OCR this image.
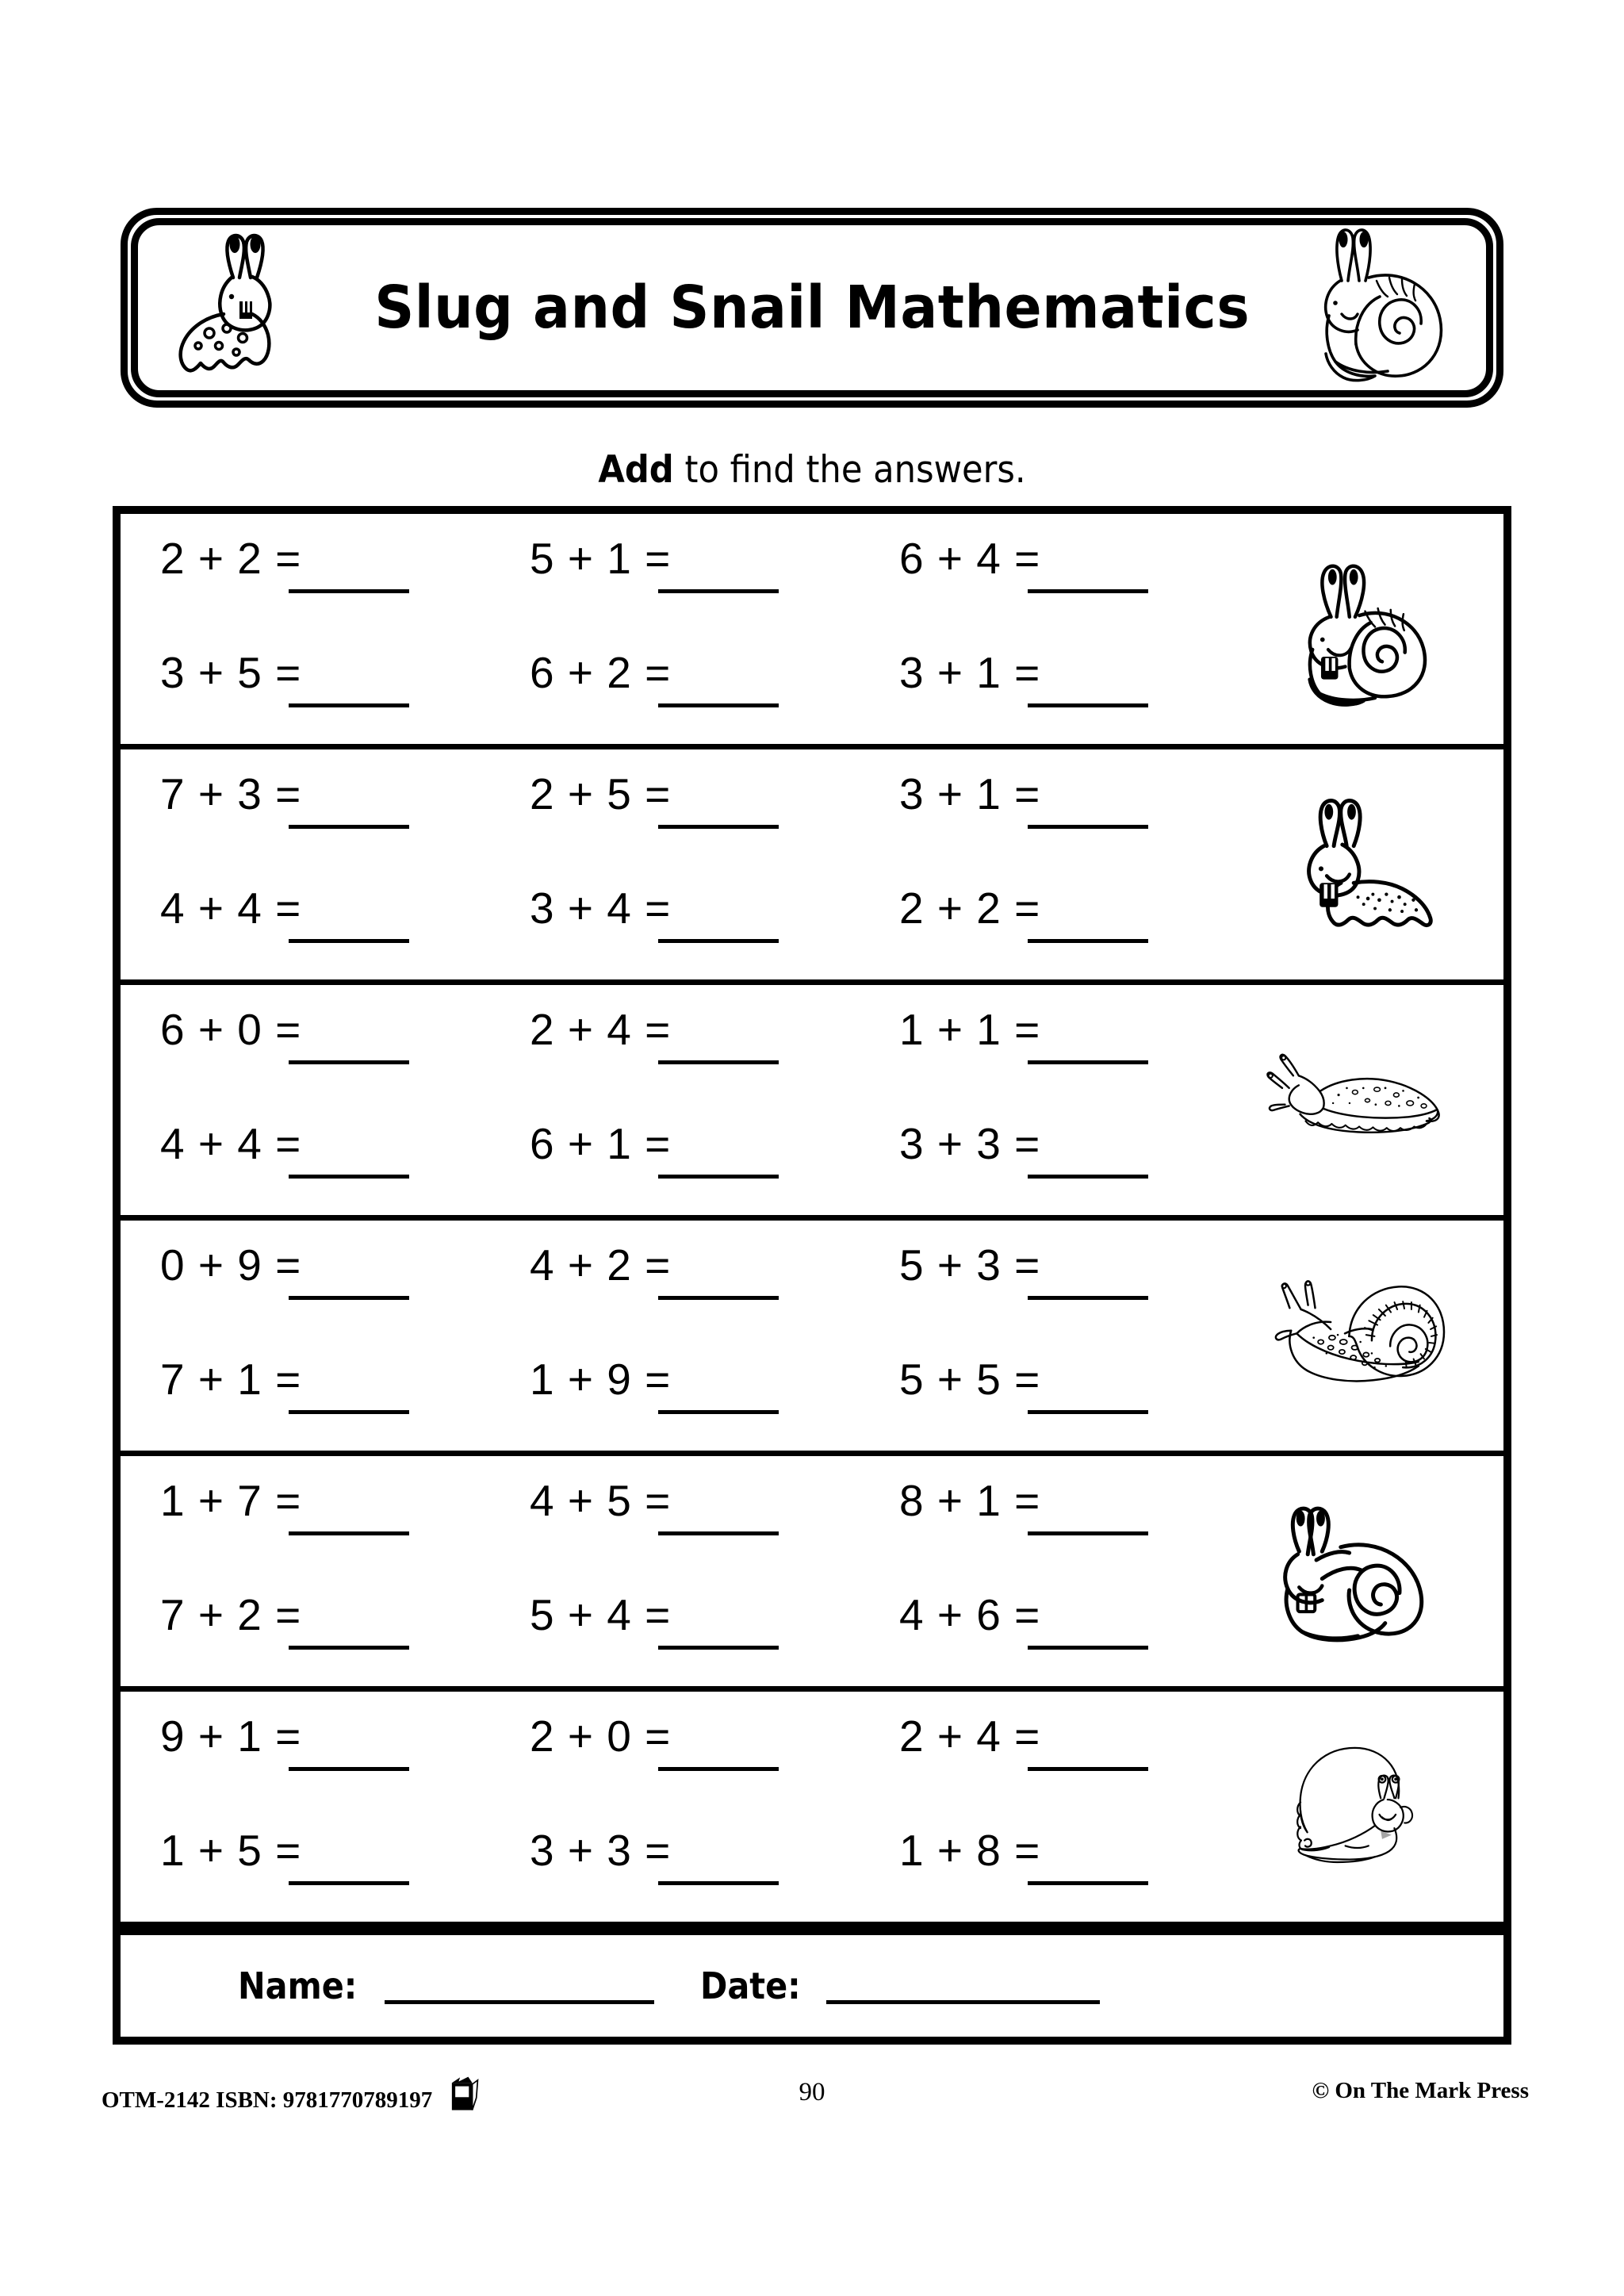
Slug and Snail Mathematics
Add to find the answers.
2 + 2 =	5 + 1 =	6 + 4 =
3 + 5 =	6 + 2 =	3 + 1 =
7 + 3 =	2 + 5 =	3 + 1 =
4 + 4 =	3 + 4 =	2 + 2 =
6 + 0 =	2 + 4 =	1 + 1 =
4 + 4 =	6 + 1 =	3 + 3 =
0 + 9 =	4 + 2 =	5 + 3 =
7 + 1 =	1 + 9 =	5 + 5 =
1 + 7 =	4 + 5 =	8 + 1 =
7 + 2 =	5 + 4 =	4 + 6 =
9 + 1 =	2 + 0 =	2 + 4 =
1 + 5 =	3 + 3 =	1 + 8 =
Name:	Date:
OTM-2142 ISBN: 9781770789197	90	© On The Mark Press
